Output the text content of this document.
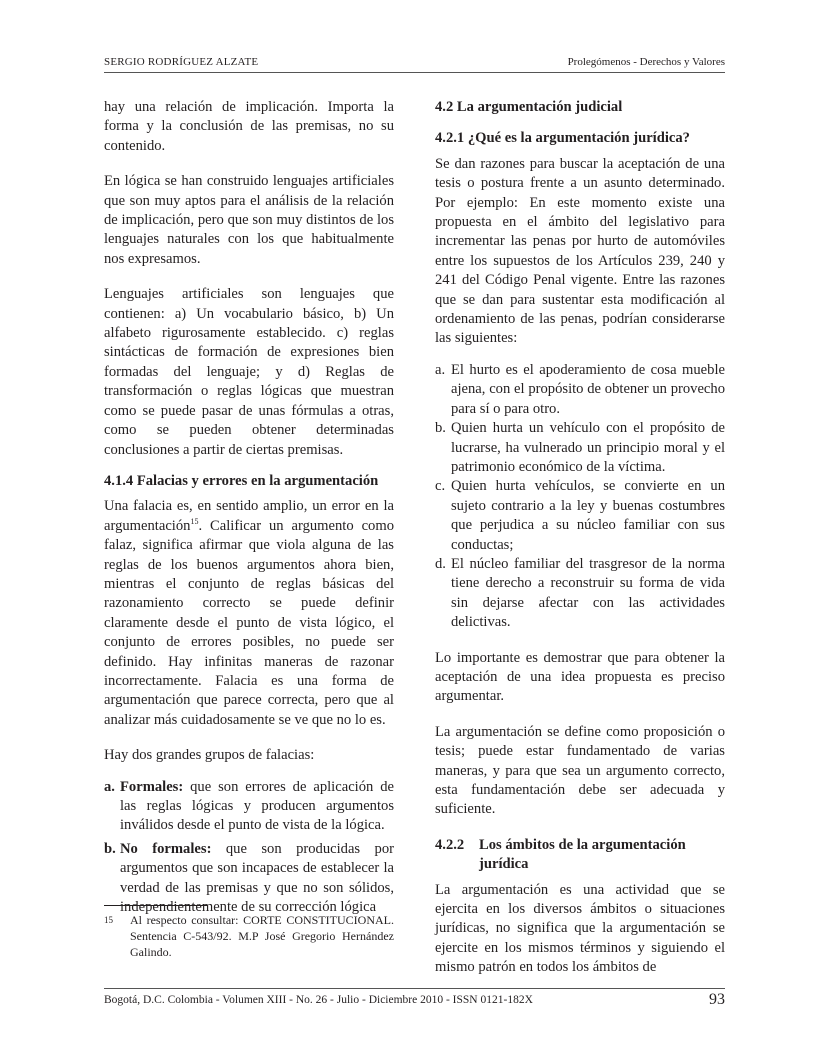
SERGIO RODRÍGUEZ ALZATE	Prolegómenos - Derechos y Valores

hay una relación de implicación. Importa la forma y la conclusión de las premisas, no su contenido.

En lógica se han construido lenguajes artificiales que son muy aptos para el análisis de la relación de implicación, pero que son muy distintos de los lenguajes naturales con los que habitualmente nos expresamos.

Lenguajes artificiales son lenguajes que contienen: a) Un vocabulario básico, b) Un alfabeto rigurosamente establecido. c) reglas sintácticas de formación de expresiones bien formadas del lenguaje; y d) Reglas de transformación o reglas lógicas que muestran como se puede pasar de unas fórmulas a otras, como se pueden obtener determinadas conclusiones a partir de ciertas premisas.

4.1.4 Falacias y errores en la argumentación

Una falacia es, en sentido amplio, un error en la argumentación$^{15}$. Calificar un argumento como falaz, significa afirmar que viola alguna de las reglas de los buenos argumentos ahora bien, mientras el conjunto de reglas básicas del razonamiento correcto se puede definir claramente desde el punto de vista lógico, el conjunto de errores posibles, no puede ser definido. Hay infinitas maneras de razonar incorrectamente. Falacia es una forma de argumentación que parece correcta, pero que al analizar más cuidadosamente se ve que no lo es.

Hay dos grandes grupos de falacias:

a. Formales: que son errores de aplicación de las reglas lógicas y producen argumentos inválidos desde el punto de vista de la lógica.
b. No formales: que son producidas por argumentos que son incapaces de establecer la verdad de las premisas y que no son sólidos, independientemente de su corrección lógica
15	Al respecto consultar: CORTE CONSTITUCIONAL. Sentencia C-543/92. M.P José Gregorio Hernández Galindo.
4.2 La argumentación judicial
4.2.1 ¿Qué es la argumentación jurídica?

Se dan razones para buscar la aceptación de una tesis o postura frente a un asunto determinado. Por ejemplo: En este momento existe una propuesta en el ámbito del legislativo para incrementar las penas por hurto de automóviles entre los supuestos de los Artículos 239, 240 y 241 del Código Penal vigente. Entre las razones que se dan para sustentar esta modificación al ordenamiento de las penas, podrían considerarse las siguientes:

a. El hurto es el apoderamiento de cosa mueble ajena, con el propósito de obtener un provecho para sí o para otro.
b. Quien hurta un vehículo con el propósito de lucrarse, ha vulnerado un principio moral y el patrimonio económico de la víctima.
c. Quien hurta vehículos, se convierte en un sujeto contrario a la ley y buenas costumbres que perjudica a su núcleo familiar con sus conductas;
d. El núcleo familiar del trasgresor de la norma tiene derecho a reconstruir su forma de vida sin dejarse afectar con las actividades delictivas.

Lo importante es demostrar que para obtener la aceptación de una idea propuesta es preciso argumentar.

La argumentación se define como proposición o tesis; puede estar fundamentado de varias maneras, y para que sea un argumento correcto, esta fundamentación debe ser adecuada y suficiente.

4.2.2	Los ámbitos de la argumentación jurídica

La argumentación es una actividad que se ejercita en los diversos ámbitos o situaciones jurídicas, no significa que la argumentación se ejercite en los mismos términos y siguiendo el mismo patrón en todos los ámbitos de

Bogotá, D.C. Colombia - Volumen XIII - No. 26 - Julio - Diciembre 2010 - ISSN 0121-182X	93
